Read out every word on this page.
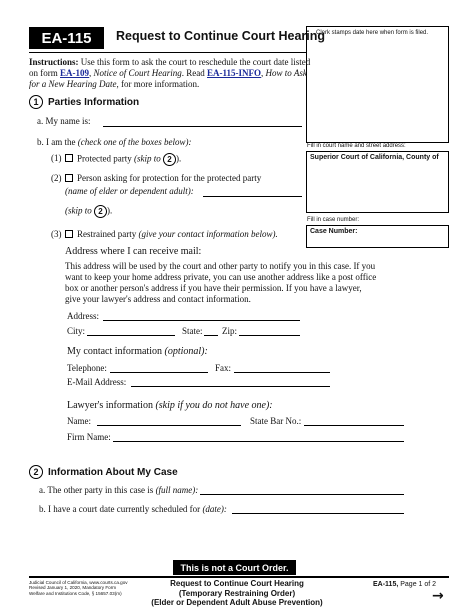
EA-115 Request to Continue Court Hearing
Clerk stamps date here when form is filed.
Fill in court name and street address:
Superior Court of California, County of
Fill in case number:
Case Number:
Instructions: Use this form to ask the court to reschedule the court date listed
on form EA-109, Notice of Court Hearing. Read EA-115-INFO, How to Ask
for a New Hearing Date, for more information.
1 Parties Information
a. My name is:
b. I am the (check one of the boxes below):
(1) Protected party (skip to 2 ).
(2) Person asking for protection for the protected party
(name of elder or dependent adult):
(skip to 2 ).
(3) Restrained party (give your contact information below).
Address where I can receive mail:
This address will be used by the court and other party to notify you in this case. If you
want to keep your home address private, you can use another address like a post office
box or another person's address if you have their permission. If you have a lawyer,
give your lawyer's address and contact information.
Address:
City:	State: Zip:
My contact information (optional):
Telephone:	Fax:
E-Mail Address:
Lawyer's information (skip if you do not have one):
Name:	State Bar No.:
Firm Name:
2 Information About My Case
a. The other party in this case is (full name):
b. I have a court date currently scheduled for (date):
This is not a Court Order.
Judicial Council of California, www.courts.ca.gov
Revised January 1, 2020, Mandatory Form
Welfare and Institutions Code, § 15657.03(m)
Request to Continue Court Hearing
(Temporary Restraining Order)
(Elder or Dependent Adult Abuse Prevention)
EA-115, Page 1 of 2
→
